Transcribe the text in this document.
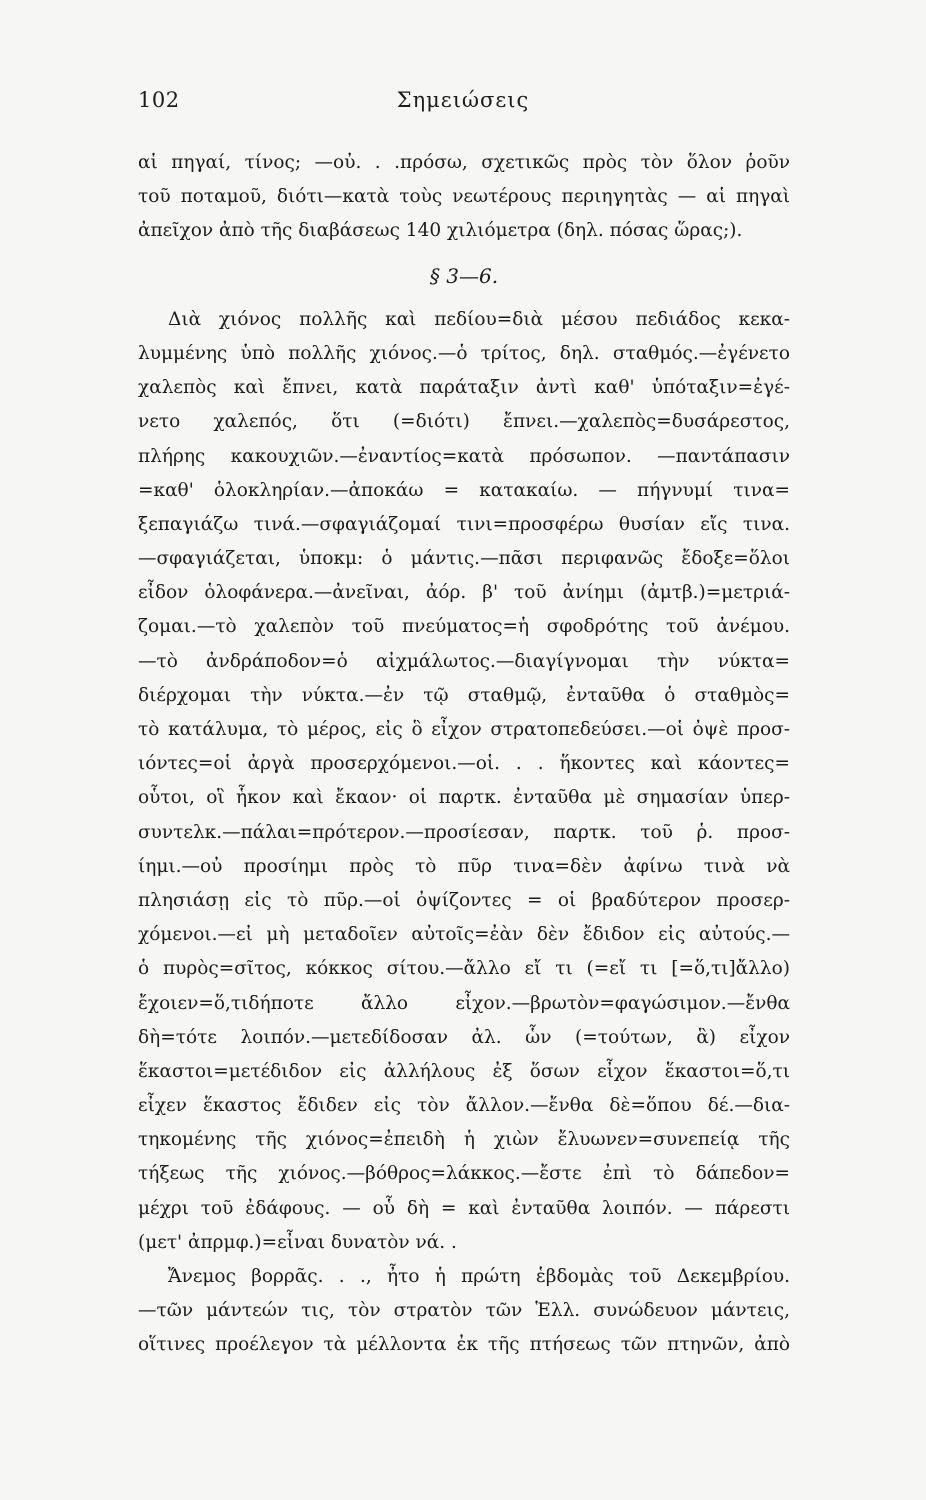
102	Σημειώσεις
αἱ πηγαί, τίνος; —οὐ. . .πρόσω, σχετικῶς πρὸς τὸν ὅλον ῥοῦν
τοῦ ποταμοῦ, διότι—κατὰ τοὺς νεωτέρους περιηγητὰς — αἱ πηγαὶ
ἀπεῖχον ἀπὸ τῆς διαβάσεως 140 χιλιόμετρα (δηλ. πόσας ὥρας;).
§ 3—6.
Διὰ χιόνος πολλῆς καὶ πεδίου=διὰ μέσου πεδιάδος κεκα-
λυμμένης ὑπὸ πολλῆς χιόνος.—ὁ τρίτος, δηλ. σταθμός.—ἐγένετο
χαλεπὸς καὶ ἔπνει, κατὰ παράταξιν ἀντὶ καθ' ὑπόταξιν=ἐγέ-
νετο χαλεπός, ὅτι (=διότι) ἔπνει.—χαλεπὸς=δυσάρεστος,
πλήρης κακουχιῶν.—ἐναντίος=κατὰ πρόσωπον. —παντάπασιν
=καθ' ὁλοκληρίαν.—ἀποκάω = κατακαίω. — πήγνυμί τινα=
ξεπαγιάζω τινά.—σφαγιάζομαί τινι=προσφέρω θυσίαν εἴς τινα.
—σφαγιάζεται, ὑποκμ: ὁ μάντις.—πᾶσι περιφανῶς ἔδοξε=ὅλοι
εἶδον ὁλοφάνερα.—ἀνεῖναι, ἀόρ. β' τοῦ ἀνίημι (ἀμτβ.)=μετριά-
ζομαι.—τὸ χαλεπὸν τοῦ πνεύματος=ἡ σφοδρότης τοῦ ἀνέμου.
—τὸ ἀνδράποδον=ὁ αἰχμάλωτος.—διαγίγνομαι τὴν νύκτα=
διέρχομαι τὴν νύκτα.—ἐν τῷ σταθμῷ, ἐνταῦθα ὁ σταθμὸς=
τὸ κατάλυμα, τὸ μέρος, εἰς ὃ εἶχον στρατοπεδεύσει.—οἱ ὀψὲ προσ-
ιόντες=οἱ ἀργὰ προσερχόμενοι.—οἱ. . . ἥκοντες καὶ κάοντες=
οὗτοι, οἳ ἧκον καὶ ἔκαον· οἱ παρτκ. ἐνταῦθα μὲ σημασίαν ὑπερ-
συντελκ.—πάλαι=πρότερον.—προσίεσαν, παρτκ. τοῦ ῥ. προσ-
ίημι.—οὐ προσίημι πρὸς τὸ πῦρ τινα=δὲν ἀφίνω τινὰ νὰ
πλησιάσῃ εἰς τὸ πῦρ.—οἱ ὀψίζοντες = οἱ βραδύτερον προσερ-
χόμενοι.—εἰ μὴ μεταδοῖεν αὐτοῖς=ἐὰν δὲν ἔδιδον εἰς αὐτούς.—
ὁ πυρὸς=σῖτος, κόκκος σίτου.—ἄλλο εἴ τι (=εἴ τι [=ὅ,τι]ἄλλο)
ἔχοιεν=ὅ,τιδήποτε ἄλλο εἶχον.—βρωτὸν=φαγώσιμον.—ἔνθα
δὴ=τότε λοιπόν.—μετεδίδοσαν ἀλ. ὧν (=τούτων, ἃ) εἶχον
ἕκαστοι=μετέδιδον εἰς ἀλλήλους ἐξ ὅσων εἶχον ἕκαστοι=ὅ,τι
εἶχεν ἕκαστος ἔδιδεν εἰς τὸν ἄλλον.—ἔνθα δὲ=ὅπου δέ.—δια-
τηκομένης τῆς χιόνος=ἐπειδὴ ἡ χιὼν ἔλυωνεν=συνεπείᾳ τῆς
τήξεως τῆς χιόνος.—βόθρος=λάκκος.—ἔστε ἐπὶ τὸ δάπεδον=
μέχρι τοῦ ἐδάφους. — οὗ δὴ = καὶ ἐνταῦθα λοιπόν. — πάρεστι
(μετ' ἀπρμφ.)=εἶναι δυνατὸν νά. .
Ἄνεμος βορρᾶς. . ., ἦτο ἡ πρώτη ἑβδομὰς τοῦ Δεκεμβρίου.
—τῶν μάντεών τις, τὸν στρατὸν τῶν Ἑλλ. συνώδευον μάντεις,
οἵτινες προέλεγον τὰ μέλλοντα ἐκ τῆς πτήσεως τῶν πτηνῶν, ἀπὸ
